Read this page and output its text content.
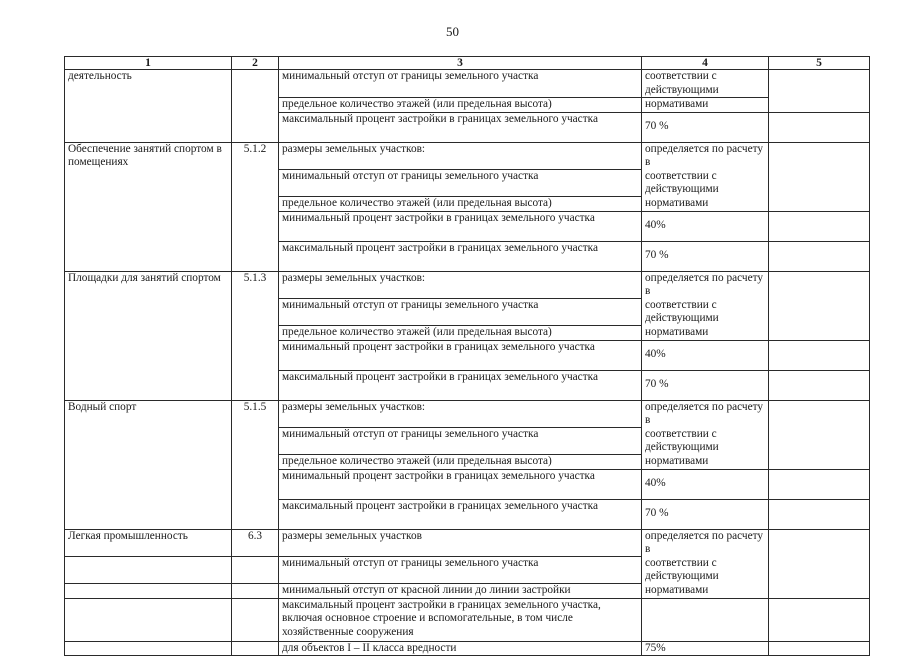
50
1	2	3	4	5
деятельность		минимальный отступ от границы земельного участка	соответствии с действующими	
		предельное количество этажей (или предельная высота)	нормативами	
		максимальный процент застройки в границах земельного участка	70 %	
Обеспечение занятий спортом в помещениях	5.1.2	размеры земельных участков:	определяется по расчету в	
		минимальный отступ от границы земельного участка	соответствии с действующими	
		предельное количество этажей (или предельная высота)	нормативами	
		минимальный процент застройки в границах земельного участка	40%	
		максимальный процент застройки в границах земельного участка	70 %	
Площадки для занятий спортом	5.1.3	размеры земельных участков:	определяется по расчету в	
		минимальный отступ от границы земельного участка	соответствии с действующими	
		предельное количество этажей (или предельная высота)	нормативами	
		минимальный процент застройки в границах земельного участка	40%	
		максимальный процент застройки в границах земельного участка	70 %	
Водный спорт	5.1.5	размеры земельных участков:	определяется по расчету в	
		минимальный отступ от границы земельного участка	соответствии с действующими	
		предельное количество этажей (или предельная высота)	нормативами	
		минимальный процент застройки в границах земельного участка	40%	
		максимальный процент застройки в границах земельного участка	70 %	
Легкая промышленность	6.3	размеры земельных участков	определяется по расчету в	
		минимальный отступ от границы земельного участка	соответствии с действующими	
		минимальный отступ от красной линии до линии застройки	нормативами	
		максимальный процент застройки в границах земельного участка, включая основное строение и вспомогательные, в том числе хозяйственные сооружения		
		для объектов I – II класса вредности	75%	
